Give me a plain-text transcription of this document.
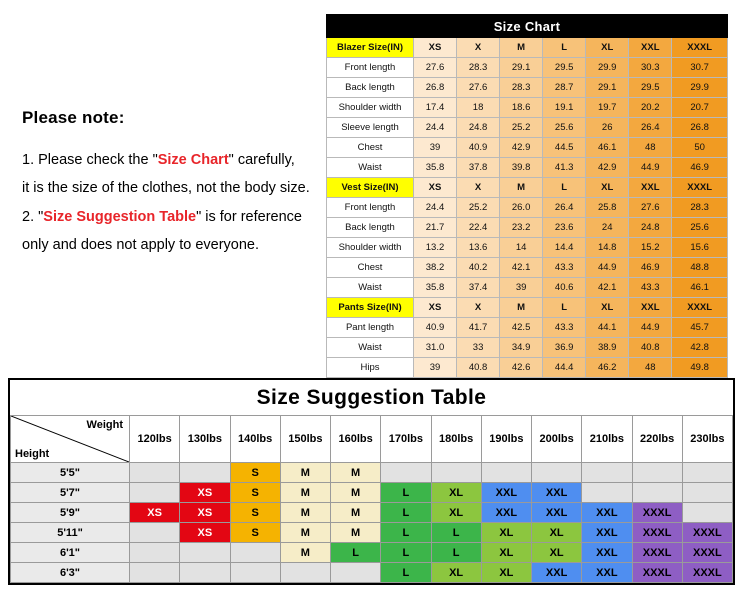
Please note:
1. Please check the "Size Chart" carefully,
it is the size of the clothes, not the body size.
2. "Size Suggestion Table" is for reference
only and does not apply to everyone.
Size Chart							
Blazer Size(IN)	XS	X	M	L	XL	XXL	XXXL
Front length	27.6	28.3	29.1	29.5	29.9	30.3	30.7
Back length	26.8	27.6	28.3	28.7	29.1	29.5	29.9
Shoulder width	17.4	18	18.6	19.1	19.7	20.2	20.7
Sleeve length	24.4	24.8	25.2	25.6	26	26.4	26.8
Chest	39	40.9	42.9	44.5	46.1	48	50
Waist	35.8	37.8	39.8	41.3	42.9	44.9	46.9
Vest Size(IN)	XS	X	M	L	XL	XXL	XXXL
Front length	24.4	25.2	26.0	26.4	25.8	27.6	28.3
Back length	21.7	22.4	23.2	23.6	24	24.8	25.6
Shoulder width	13.2	13.6	14	14.4	14.8	15.2	15.6
Chest	38.2	40.2	42.1	43.3	44.9	46.9	48.8
Waist	35.8	37.4	39	40.6	42.1	43.3	46.1
Pants Size(IN)	XS	X	M	L	XL	XXL	XXXL
Pant length	40.9	41.7	42.5	43.3	44.1	44.9	45.7
Waist	31.0	33	34.9	36.9	38.9	40.8	42.8
Hips	39	40.8	42.6	44.4	46.2	48	49.8
Size Suggestion Table
Weight
Height	120lbs	130lbs	140lbs	150lbs	160lbs	170lbs	180lbs	190lbs	200lbs	210lbs	220lbs	230lbs
5'5"			S	M	M							
5'7"		XS	S	M	M	L	XL	XXL	XXL			
5'9"	XS	XS	S	M	M	L	XL	XXL	XXL	XXL	XXXL	
5'11"		XS	S	M	M	L	L	XL	XL	XXL	XXXL	XXXL
6'1"				M	L	L	L	XL	XL	XXL	XXXL	XXXL
6'3"						L	XL	XL	XXL	XXL	XXXL	XXXL
